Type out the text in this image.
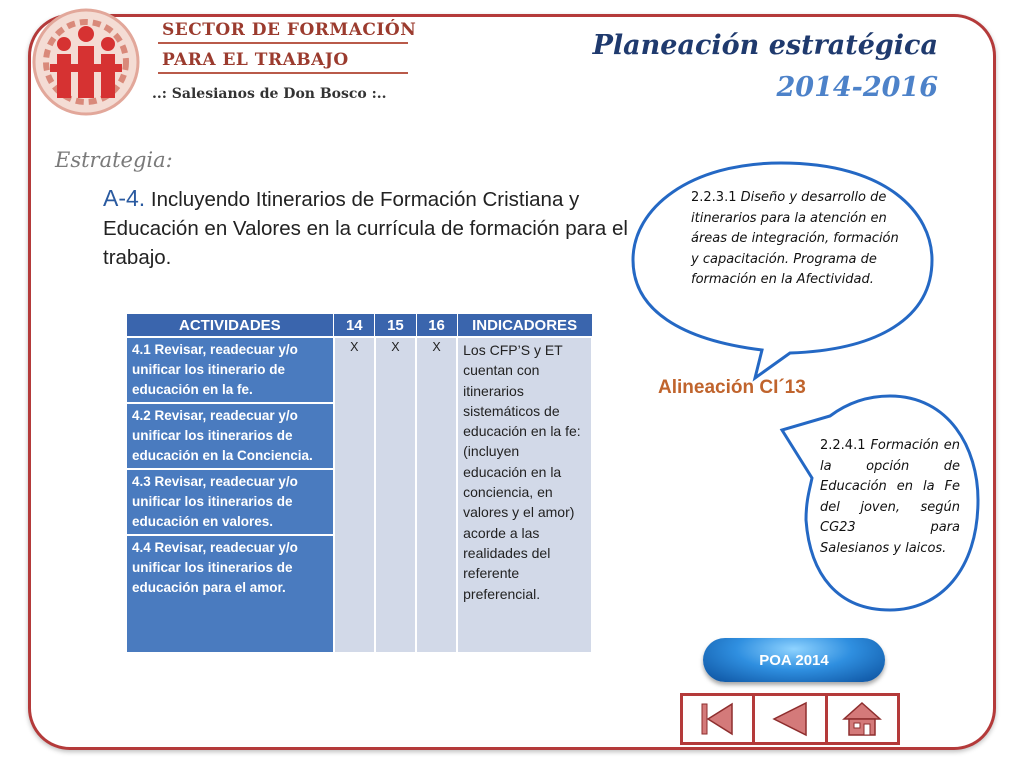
SECTOR DE FORMACIÓN
PARA EL TRABAJO
..: Salesianos de Don Bosco :..
Planeación estratégica
2014-2016
Estrategia:
A-4. Incluyendo Itinerarios de Formación Cristiana y Educación en Valores en la currícula de formación para el trabajo.
ACTIVIDADES	14	15	16	INDICADORES
4.1 Revisar, readecuar y/o unificar los itinerario de educación en la fe.	X	X	X	Los CFP’S y ET cuentan con itinerarios sistemáticos de educación en la fe: (incluyen educación en la conciencia, en valores y el amor) acorde a las realidades del referente preferencial.
4.2 Revisar, readecuar y/o unificar los itinerarios de educación en la Conciencia.				
4.3 Revisar, readecuar y/o unificar los itinerarios de educación en valores.				
4.4 Revisar, readecuar y/o unificar los itinerarios de educación para el amor.				
2.2.3.1 Diseño y desarrollo de itinerarios para la atención en áreas de integración, formación y capacitación. Programa de formación en la Afectividad.
2.2.4.1 Formación en la opción de Educación en la Fe del joven, según CG23 para Salesianos y laicos.
Alineación CI´13
POA 2014
